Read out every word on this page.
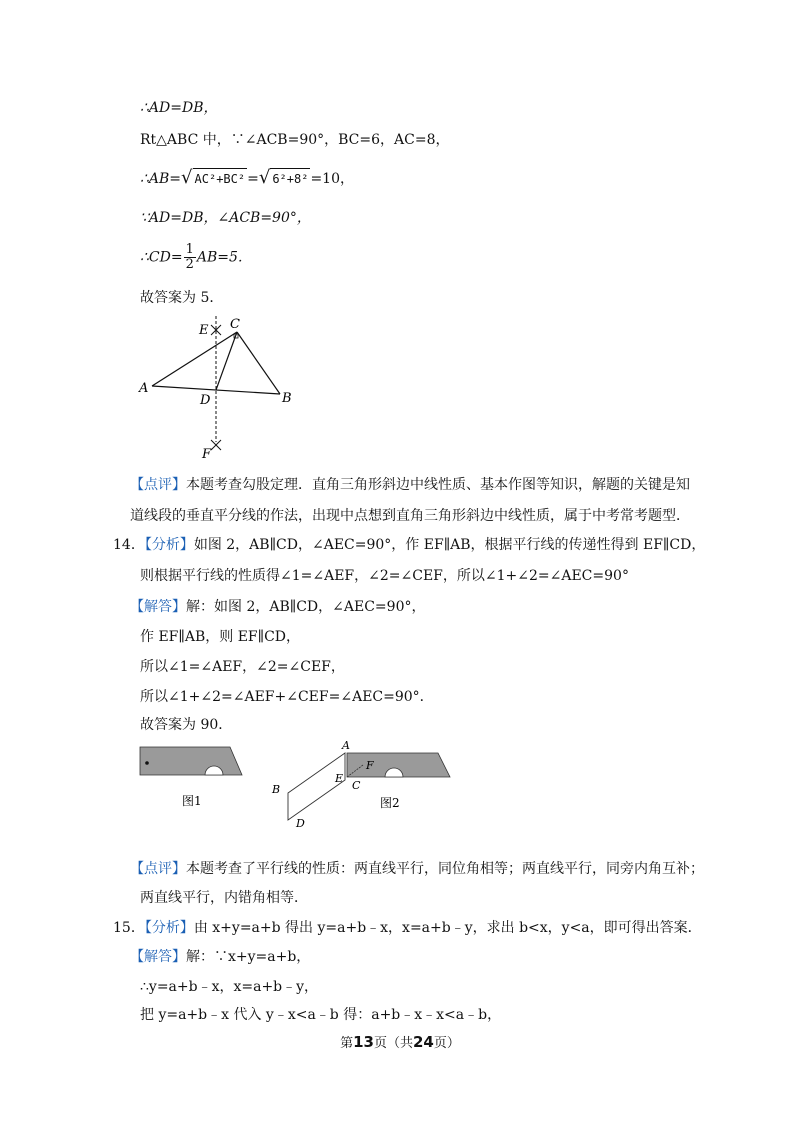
∴AD=DB，
Rt△ABC 中，∵∠ACB=90°，BC=6，AC=8，
∴AB=√ AC²+BC² =√ 6²+8² =10，
∵AD=DB，∠ACB=90°，
∴CD= $\frac{1}{2} AB=5$．
故答案为 5．
E C
A
D	B
F
【点评】本题考查勾股定理．直角三角形斜边中线性质、基本作图等知识，解题的关键是知
道线段的垂直平分线的作法，出现中点想到直角三角形斜边中线性质，属于中考常考题型．
14．【分析】如图 2，AB∥CD，∠AEC=90°，作 EF∥AB，根据平行线的传递性得到 EF∥CD，
则根据平行线的性质得∠1=∠AEF，∠2=∠CEF，所以∠1+∠2=∠AEC=90°
【解答】解：如图 2，AB∥CD，∠AEC=90°，
作 EF∥AB，则 EF∥CD，
所以∠1=∠AEF，∠2=∠CEF，
所以∠1+∠2=∠AEF+∠CEF=∠AEC=90°．
故答案为 90．
图1
A
F
E
C
B
D
图2
【点评】本题考查了平行线的性质：两直线平行，同位角相等；两直线平行，同旁内角互补；
两直线平行，内错角相等．
15．【分析】由 x+y=a+b 得出 y=a+b﹣x，x=a+b﹣y，求出 b<x，y<a，即可得出答案．
【解答】解：∵x+y=a+b，
∴y=a+b﹣x，x=a+b﹣y，
把 y=a+b﹣x 代入 y﹣x<a﹣b 得：a+b﹣x﹣x<a﹣b，
第13页（共24页）
